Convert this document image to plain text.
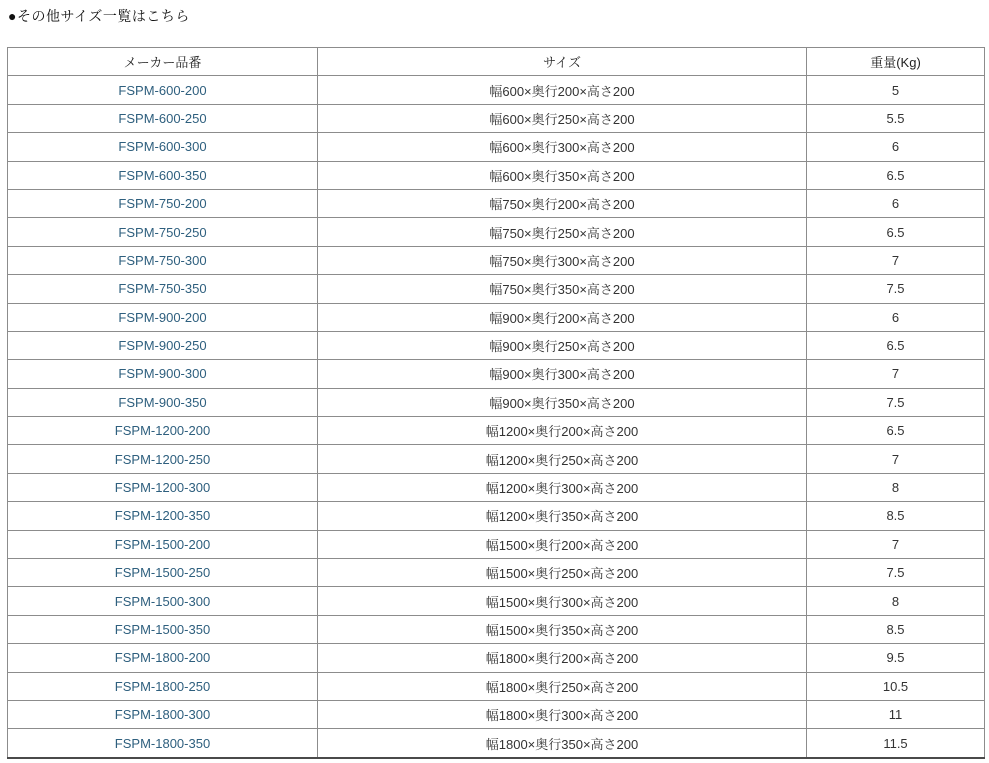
●その他サイズ一覧はこちら
メーカー品番	サイズ	重量(Kg)
FSPM-600-200	幅600×奥行200×高さ200	5
FSPM-600-250	幅600×奥行250×高さ200	5.5
FSPM-600-300	幅600×奥行300×高さ200	6
FSPM-600-350	幅600×奥行350×高さ200	6.5
FSPM-750-200	幅750×奥行200×高さ200	6
FSPM-750-250	幅750×奥行250×高さ200	6.5
FSPM-750-300	幅750×奥行300×高さ200	7
FSPM-750-350	幅750×奥行350×高さ200	7.5
FSPM-900-200	幅900×奥行200×高さ200	6
FSPM-900-250	幅900×奥行250×高さ200	6.5
FSPM-900-300	幅900×奥行300×高さ200	7
FSPM-900-350	幅900×奥行350×高さ200	7.5
FSPM-1200-200	幅1200×奥行200×高さ200	6.5
FSPM-1200-250	幅1200×奥行250×高さ200	7
FSPM-1200-300	幅1200×奥行300×高さ200	8
FSPM-1200-350	幅1200×奥行350×高さ200	8.5
FSPM-1500-200	幅1500×奥行200×高さ200	7
FSPM-1500-250	幅1500×奥行250×高さ200	7.5
FSPM-1500-300	幅1500×奥行300×高さ200	8
FSPM-1500-350	幅1500×奥行350×高さ200	8.5
FSPM-1800-200	幅1800×奥行200×高さ200	9.5
FSPM-1800-250	幅1800×奥行250×高さ200	10.5
FSPM-1800-300	幅1800×奥行300×高さ200	11
FSPM-1800-350	幅1800×奥行350×高さ200	11.5
